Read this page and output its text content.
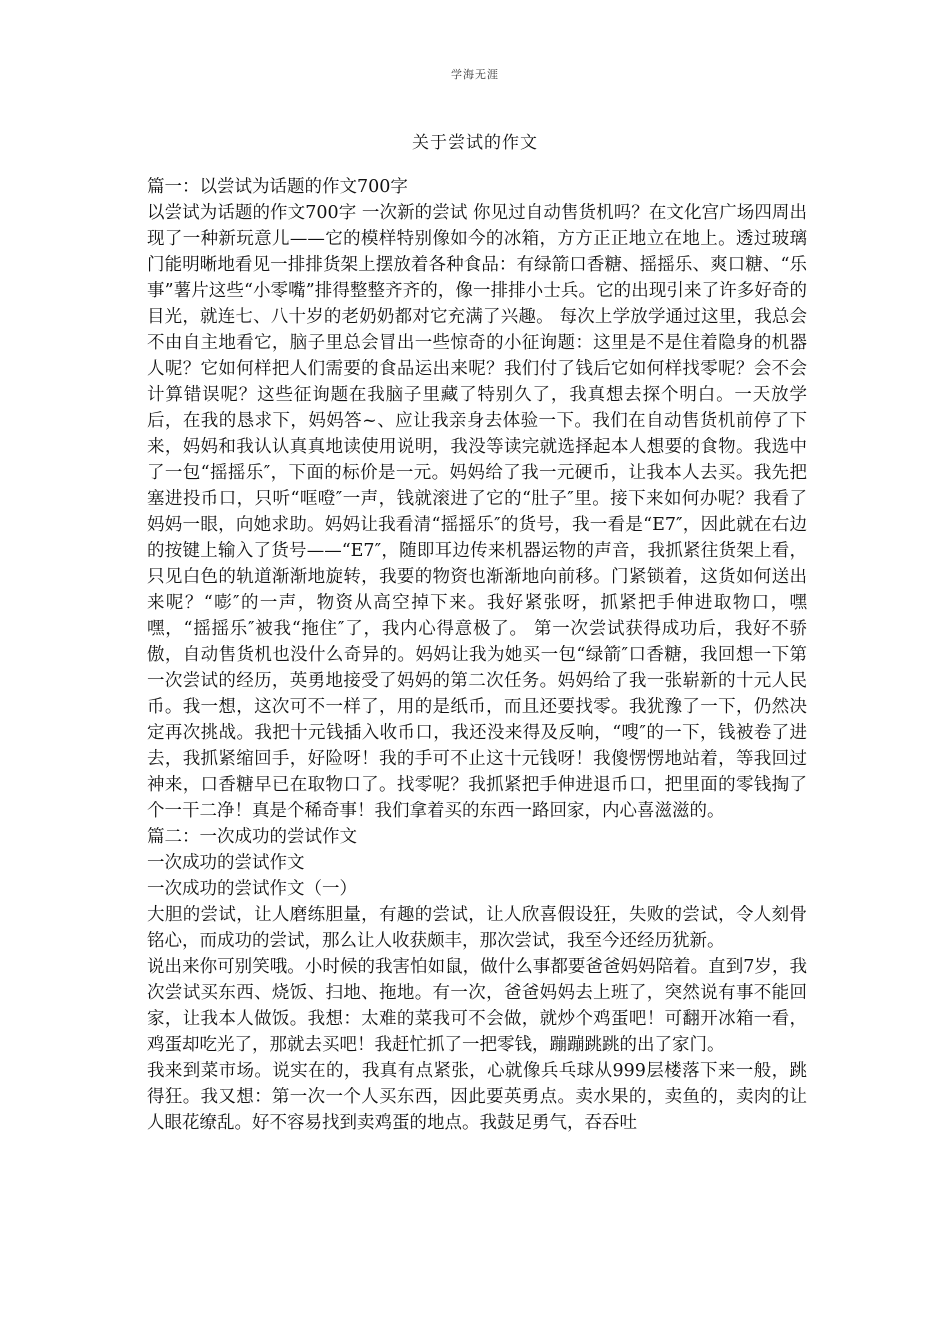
学海无涯
关于尝试的作文

篇一：以尝试为话题的作文700字

以尝试为话题的作文700字 一次新的尝试 你见过自动售货机吗？在文化宫广场四周出现了一种新玩意儿——它的模样特别像如今的冰箱，方方正正地立在地上。透过玻璃门能明晰地看见一排排货架上摆放着各种食品：有绿箭口香糖、摇摇乐、爽口糖、“乐事”薯片这些“小零嘴”排得整整齐齐的，像一排排小士兵。它的出现引来了许多好奇的目光，就连七、八十岁的老奶奶都对它充满了兴趣。 每次上学放学通过这里，我总会不由自主地看它，脑子里总会冒出一些惊奇的小征询题：这里是不是住着隐身的机器人呢？它如何样把人们需要的食品运出来呢？我们付了钱后它如何样找零呢？会不会计算错误呢？这些征询题在我脑子里藏了特别久了，我真想去探个明白。一天放学后，在我的恳求下，妈妈答~、应让我亲身去体验一下。我们在自动售货机前停了下来，妈妈和我认认真真地读使用说明，我没等读完就选择起本人想要的食物。我选中了一包“摇摇乐″，下面的标价是一元。妈妈给了我一元硬币，让我本人去买。我先把塞进投币口，只听“哐噔″一声，钱就滚进了它的“肚子″里。接下来如何办呢？我看了妈妈一眼，向她求助。妈妈让我看清“摇摇乐″的货号，我一看是“E7″，因此就在右边的按键上输入了货号——“E7″，随即耳边传来机器运物的声音，我抓紧往货架上看，只见白色的轨道渐渐地旋转，我要的物资也渐渐地向前移。门紧锁着，这货如何送出来呢？“嘭″的一声，物资从高空掉下来。我好紧张呀，抓紧把手伸进取物口，嘿嘿，“摇摇乐″被我“拖住″了，我内心得意极了。 第一次尝试获得成功后，我好不骄傲，自动售货机也没什么奇异的。妈妈让我为她买一包“绿箭″口香糖，我回想一下第一次尝试的经历，英勇地接受了妈妈的第二次任务。妈妈给了我一张崭新的十元人民币。我一想，这次可不一样了，用的是纸币，而且还要找零。我犹豫了一下，仍然决定再次挑战。我把十元钱插入收币口，我还没来得及反响，“嗖″的一下，钱被卷了进去，我抓紧缩回手，好险呀！我的手可不止这十元钱呀！我傻愣愣地站着，等我回过神来，口香糖早已在取物口了。找零呢？我抓紧把手伸进退币口，把里面的零钱掏了个一干二净！真是个稀奇事！我们拿着买的东西一路回家，内心喜滋滋的。

篇二：一次成功的尝试作文

一次成功的尝试作文

一次成功的尝试作文（一）

大胆的尝试，让人磨练胆量，有趣的尝试，让人欣喜假设狂，失败的尝试，令人刻骨铭心，而成功的尝试，那么让人收获颇丰，那次尝试，我至今还经历犹新。

说出来你可别笑哦。小时候的我害怕如鼠，做什么事都要爸爸妈妈陪着。直到7岁，我次尝试买东西、烧饭、扫地、拖地。有一次，爸爸妈妈去上班了，突然说有事不能回家，让我本人做饭。我想：太难的菜我可不会做，就炒个鸡蛋吧！可翻开冰箱一看，鸡蛋却吃光了，那就去买吧！我赶忙抓了一把零钱，蹦蹦跳跳的出了家门。

我来到菜市场。说实在的，我真有点紧张，心就像兵乓球从999层楼落下来一般，跳得狂。我又想：第一次一个人买东西，因此要英勇点。卖水果的，卖鱼的，卖肉的让人眼花缭乱。好不容易找到卖鸡蛋的地点。我鼓足勇气，吞吞吐
